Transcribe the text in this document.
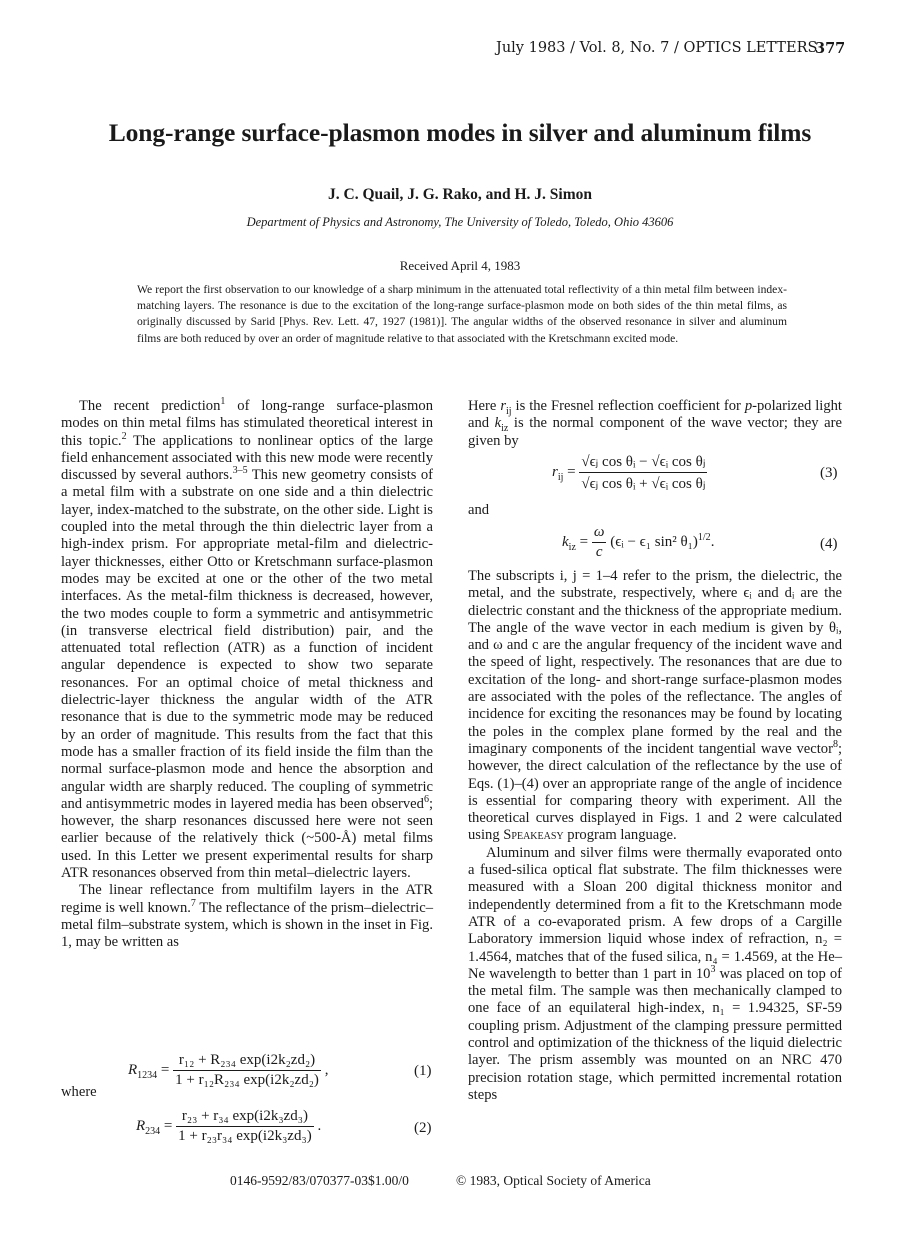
July 1983 / Vol. 8, No. 7 / OPTICS LETTERS
377
Long-range surface-plasmon modes in silver and aluminum films
J. C. Quail, J. G. Rako, and H. J. Simon
Department of Physics and Astronomy, The University of Toledo, Toledo, Ohio 43606
Received April 4, 1983
We report the first observation to our knowledge of a sharp minimum in the attenuated total reflectivity of a thin metal film between index-matching layers. The resonance is due to the excitation of the long-range surface-plasmon mode on both sides of the thin metal films, as originally discussed by Sarid [Phys. Rev. Lett. 47, 1927 (1981)]. The angular widths of the observed resonance in silver and aluminum films are both reduced by over an order of magnitude relative to that associated with the Kretschmann excited mode.

The recent prediction$^1$ of long-range surface-plasmon modes on thin metal films has stimulated theoretical interest in this topic.$^2$ The applications to nonlinear optics of the large field enhancement associated with this new mode were recently discussed by several authors.$^{3-5}$ This new geometry consists of a metal film with a substrate on one side and a thin dielectric layer, index-matched to the substrate, on the other side. Light is coupled into the metal through the thin dielectric layer from a high-index prism. For appropriate metal-film and dielectric-layer thicknesses, either Otto or Kretschmann surface-plasmon modes may be excited at one or the other of the two metal interfaces. As the metal-film thickness is decreased, however, the two modes couple to form a symmetric and antisymmetric (in transverse electrical field distribution) pair, and the attenuated total reflection (ATR) as a function of incident angular dependence is expected to show two separate resonances. For an optimal choice of metal thickness and dielectric-layer thickness the angular width of the ATR resonance that is due to the symmetric mode may be reduced by an order of magnitude. This results from the fact that this mode has a smaller fraction of its field inside the film than the normal surface-plasmon mode and hence the absorption and angular width are sharply reduced. The coupling of symmetric and antisymmetric modes in layered media has been observed$^6$; however, the sharp resonances discussed here were not seen earlier because of the relatively thick (~500-Å) metal films used. In this Letter we present experimental results for sharp ATR resonances observed from thin metal–dielectric layers.

The linear reflectance from multifilm layers in the ATR regime is well known.$^7$ The reflectance of the prism–dielectric–metal film–substrate system, which is shown in the inset in Fig. 1, may be written as

$R_{1234} = \frac{\text{r₁₂ + R₂₃₄ exp(i2k₂zd₂)}}{\text{1 + r₁₂R₂₃₄ exp(i2k₂zd₂)}}$ ,	(1)
where
$R_{234} = \frac{\text{r₂₃ + r₃₄ exp(i2k₃zd₃)}}{\text{1 + r₂₃r₃₄ exp(i2k₃zd₃)}}$ .	(2)

Here $r_{ij}$ is the Fresnel reflection coefficient for p-polarized light and $k_{iz}$ is the normal component of the wave vector; they are given by

$r_{ij} = \frac{\text{√ϵⱼ cos θᵢ − √ϵᵢ cos θⱼ}}{\text{√ϵⱼ cos θᵢ + √ϵᵢ cos θⱼ}}$	(3)
and
$k_{iz} = \frac{\omega}{c}$ (ϵᵢ − ϵ₁ sin² θ₁)$^{1/2}$.	(4)

The subscripts i, j = 1–4 refer to the prism, the dielectric, the metal, and the substrate, respectively, where ϵᵢ and dᵢ are the dielectric constant and the thickness of the appropriate medium. The angle of the wave vector in each medium is given by θᵢ, and ω and c are the angular frequency of the incident wave and the speed of light, respectively. The resonances that are due to excitation of the long- and short-range surface-plasmon modes are associated with the poles of the reflectance. The angles of incidence for exciting the resonances may be found by locating the poles in the complex plane formed by the real and the imaginary components of the incident tangential wave vector$^8$; however, the direct calculation of the reflectance by the use of Eqs. (1)–(4) over an appropriate range of the angle of incidence is essential for comparing theory with experiment. All the theoretical curves displayed in Figs. 1 and 2 were calculated using Speakeasy program language.

Aluminum and silver films were thermally evaporated onto a fused-silica optical flat substrate. The film thicknesses were measured with a Sloan 200 digital thickness monitor and independently determined from a fit to the Kretschmann mode ATR of a co-evaporated prism. A few drops of a Cargille Laboratory immersion liquid whose index of refraction, n₂ = 1.4564, matches that of the fused silica, n₄ = 1.4569, at the He–Ne wavelength to better than 1 part in $10^3$ was placed on top of the metal film. The sample was then mechanically clamped to one face of an equilateral high-index, n₁ = 1.94325, SF-59 coupling prism. Adjustment of the clamping pressure permitted control and optimization of the thickness of the liquid dielectric layer. The prism assembly was mounted on an NRC 470 precision rotation stage, which permitted incremental rotation steps

0146-9592/83/070377-03$1.00/0	© 1983, Optical Society of America
